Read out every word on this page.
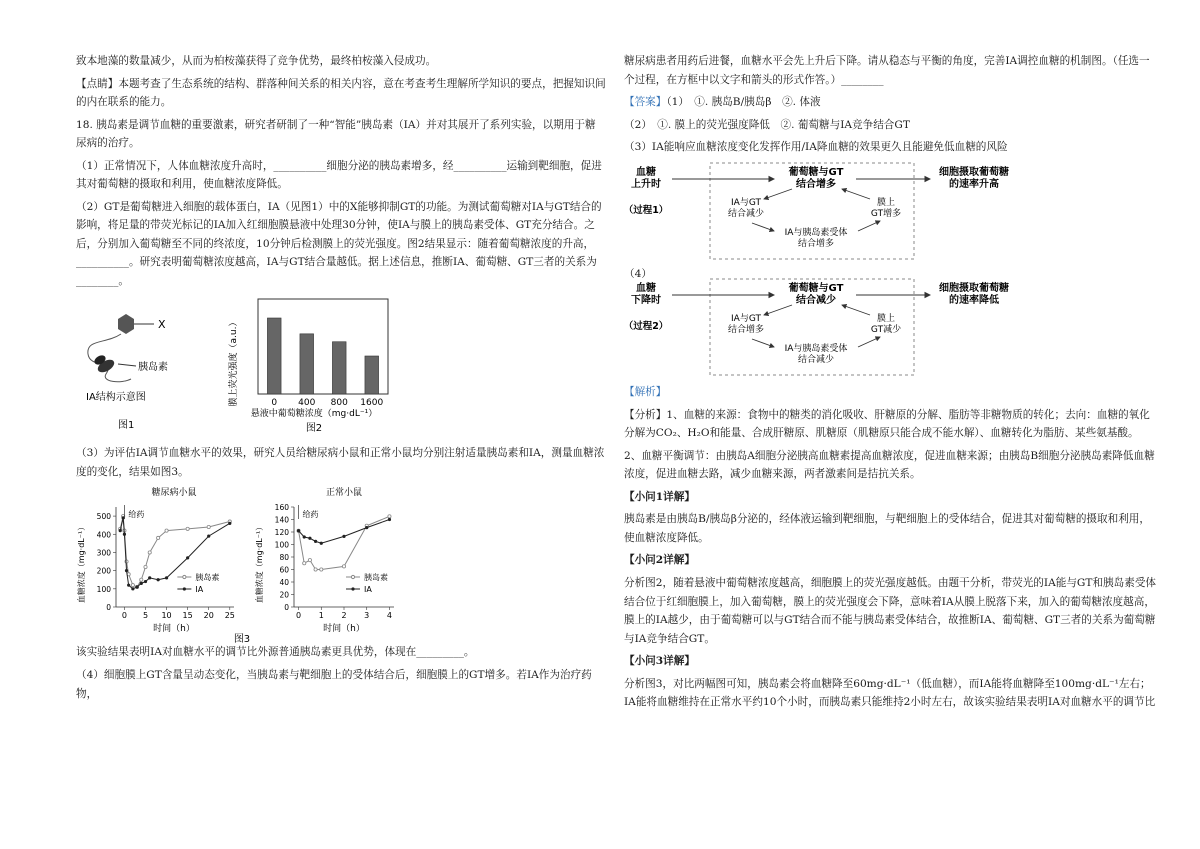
致本地藻的数量减少，从而为柏桉藻获得了竞争优势，最终柏桉藻入侵成功。

【点睛】本题考查了生态系统的结构、群落种间关系的相关内容，意在考查考生理解所学知识的要点，把握知识间的内在联系的能力。

18. 胰岛素是调节血糖的重要激素，研究者研制了一种“智能”胰岛素（IA）并对其展开了系列实验，以期用于糖尿病的治疗。

（1）正常情况下，人体血糖浓度升高时，__________细胞分泌的胰岛素增多，经__________运输到靶细胞，促进其对葡萄糖的摄取和利用，使血糖浓度降低。

（2）GT是葡萄糖进入细胞的载体蛋白，IA（见图1）中的X能够抑制GT的功能。为测试葡萄糖对IA与GT结合的影响，将足量的带荧光标记的IA加入红细胞膜悬液中处理30分钟，使IA与膜上的胰岛素受体、GT充分结合。之后，分别加入葡萄糖至不同的终浓度，10分钟后检测膜上的荧光强度。图2结果显示：随着葡萄糖浓度的升高，__________。研究表明葡萄糖浓度越高，IA与GT结合量越低。据上述信息，推断IA、葡萄糖、GT三者的关系为________。

X
胰岛素
IA结构示意图
图1
膜上荧光强度（a.u.）	0 400 800 1600
悬液中葡萄糖浓度（mg·dL⁻¹）
图2

（3）为评估IA调节血糖水平的效果，研究人员给糖尿病小鼠和正常小鼠均分别注射适量胰岛素和IA，测量血糖浓度的变化，结果如图3。

糖尿病小鼠	正常小鼠
血糖浓度（mg·dL⁻¹）	血糖浓度（mg·dL⁻¹）
0
100
200
300
400
500
0 5 10 15 20 25
给药
胰岛素
IA
0
20
40
60
80
100
120
140
160
0 1 2 3 4
给药
胰岛素
IA
时间（h）	时间（h）
图3

该实验结果表明IA对血糖水平的调节比外源普通胰岛素更具优势，体现在_________。

（4）细胞膜上GT含量呈动态变化，当胰岛素与靶细胞上的受体结合后，细胞膜上的GT增多。若IA作为治疗药物，

糖尿病患者用药后进餐，血糖水平会先上升后下降。请从稳态与平衡的角度，完善IA调控血糖的机制图。（任选一个过程，在方框中以文字和箭头的形式作答。）________

【答案】（1）　①. 胰岛B/胰岛β　②. 体液

（2）　①. 膜上的荧光强度降低　②. 葡萄糖与IA竞争结合GT

（3）IA能响应血糖浓度变化发挥作用/IA降血糖的效果更久且能避免低血糖的风险

血糖上升时
（过程1）
葡萄糖与GT 结合增多
细胞摄取葡萄糖的速率升高
IA与GT 结合减少
膜上 GT增多
IA与胰岛素受体结合增多

（4）

血糖下降时
（过程2）
葡萄糖与GT 结合减少
细胞摄取葡萄糖的速率降低
IA与GT 结合增多
膜上 GT减少
IA与胰岛素受体结合减少

【解析】

【分析】1、血糖的来源：食物中的糖类的消化吸收、肝糖原的分解、脂肪等非糖物质的转化；去向：血糖的氧化分解为CO₂、H₂O和能量、合成肝糖原、肌糖原（肌糖原只能合成不能水解）、血糖转化为脂肪、某些氨基酸。

2、血糖平衡调节：由胰岛A细胞分泌胰高血糖素提高血糖浓度，促进血糖来源；由胰岛B细胞分泌胰岛素降低血糖浓度，促进血糖去路，减少血糖来源，两者激素间是拮抗关系。

【小问1详解】

胰岛素是由胰岛B/胰岛β分泌的，经体液运输到靶细胞，与靶细胞上的受体结合，促进其对葡萄糖的摄取和利用，使血糖浓度降低。

【小问2详解】

分析图2，随着悬液中葡萄糖浓度越高，细胞膜上的荧光强度越低。由题干分析，带荧光的IA能与GT和胰岛素受体结合位于红细胞膜上，加入葡萄糖，膜上的荧光强度会下降，意味着IA从膜上脱落下来，加入的葡萄糖浓度越高，膜上的IA越少，由于葡萄糖可以与GT结合而不能与胰岛素受体结合，故推断IA、葡萄糖、GT三者的关系为葡萄糖与IA竞争结合GT。

【小问3详解】

分析图3，对比两幅图可知，胰岛素会将血糖降至60mg·dL⁻¹（低血糖），而IA能将血糖降至100mg·dL⁻¹左右；IA能将血糖维持在正常水平约10个小时，而胰岛素只能维持2小时左右，故该实验结果表明IA对血糖水平的调节比
